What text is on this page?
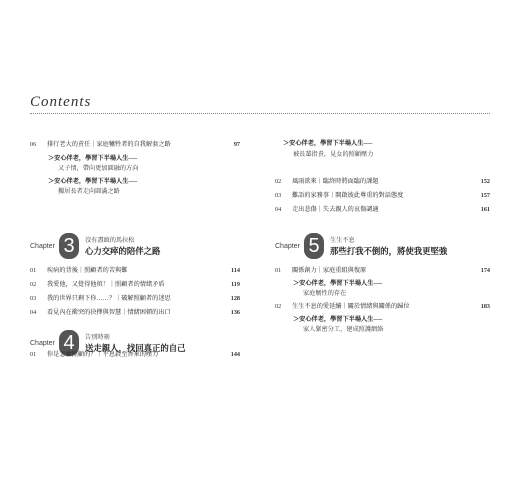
Contents
06	排行老大的責任｜家庭犧牲者的自我解套之路	97
＞安心伴老，學習下半場人生──
又子情，帶向更加圓融的方向
＞安心伴老，學習下半場人生──
獨居長者走向圓滿之路
Chapter 3	沒有盡頭的馬拉松
心力交瘁的陪伴之路
01	疾病的背後｜照顧者的苦與難	114
02	我愛他，又覺得他煩！｜照顧者的情緒矛盾	119
03	我的世界只剩下你……？｜破解照顧者的迷思	128
04	看見內在衝突的抉擇與智慧｜情緒困頓的出口	136
Chapter 4	告別時刻
送走親人，找回真正的自己
01	你是怎麼照顧的？｜平息殺至香來的壓力	144
＞安心伴老，學習下半場人生──
被長輩指責，見女的照顧壓力
02	風雨欲來｜臨終時將面臨的課題	152
03	難語的家務事｜開啟彼此尊重的對話態度	157
04	走出悲傷｜失去親人的哀傷調適	161
Chapter 5	生生不息
那些打我不倒的，將使我更堅強
01	關係創力｜家庭重組與復原	174
＞安心伴老，學習下半場人生──
家庭韌性的存在
02	生生不息的愛延續｜關於情緒與關係的歸位	183
＞安心伴老，學習下半場人生──
家人緊密分工，建成照護網絡
